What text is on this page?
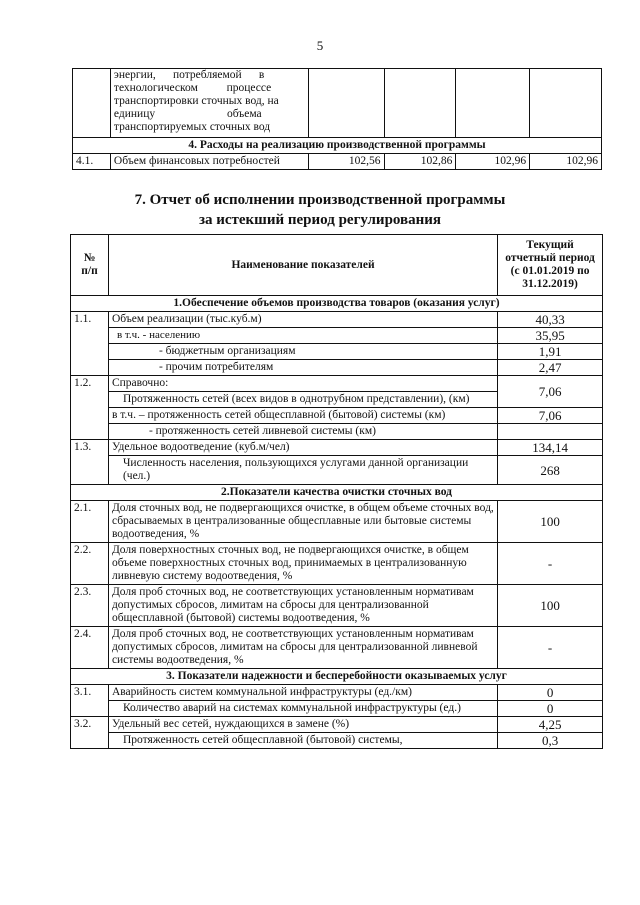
5

	энергии,      потребляемой      в
технологическом          процессе
транспортировки сточных вод, на
единицу                         объема
транспортируемых сточных вод				

4. Расходы на реализацию производственной программы					
4.1.	Объем финансовых потребностей	102,56	102,86	102,96	102,96
7. Отчет об исполнении производственной программы
за истекший период регулирования
№
п/п	Наименование показателей	Текущий отчетный период (с 01.01.2019 по 31.12.2019)
1.Обеспечение объемов производства товаров (оказания услуг)		
1.1.	Объем реализации (тыс.куб.м)	40,33
	в т.ч. - населению	35,95
	- бюджетным организациям	1,91
	- прочим потребителям	2,47
1.2.	Справочно:	7,06
	Протяженность сетей (всех видов в однотрубном представлении), (км)	
	в т.ч. – протяженность сетей общесплавной (бытовой) системы (км)	7,06
	- протяженность сетей ливневой системы (км)	
1.3.	Удельное водоотведение (куб.м/чел)	134,14
	Численность населения, пользующихся услугами данной организации (чел.)	268
2.Показатели качества очистки сточных вод		
2.1.	Доля сточных вод, не подвергающихся очистке, в общем объеме сточных вод, сбрасываемых в централизованные общесплавные или бытовые системы водоотведения, %	100
2.2.	Доля поверхностных сточных вод, не подвергающихся очистке, в общем объеме поверхностных сточных вод, принимаемых в централизованную ливневую систему водоотведения, %	-
2.3.	Доля проб сточных вод, не соответствующих установленным нормативам допустимых сбросов, лимитам на сбросы для централизованной общесплавной (бытовой) системы водоотведения, %	100
2.4.	Доля проб сточных вод, не соответствующих установленным нормативам допустимых сбросов, лимитам на сбросы для централизованной ливневой системы водоотведения, %	-
3. Показатели надежности и бесперебойности оказываемых услуг		
3.1.	Аварийность систем коммунальной инфраструктуры (ед./км)	0
	Количество аварий на системах коммунальной инфраструктуры (ед.)	0
3.2.	Удельный вес сетей, нуждающихся в замене (%)	4,25
	Протяженность сетей общесплавной (бытовой) системы,	0,3
